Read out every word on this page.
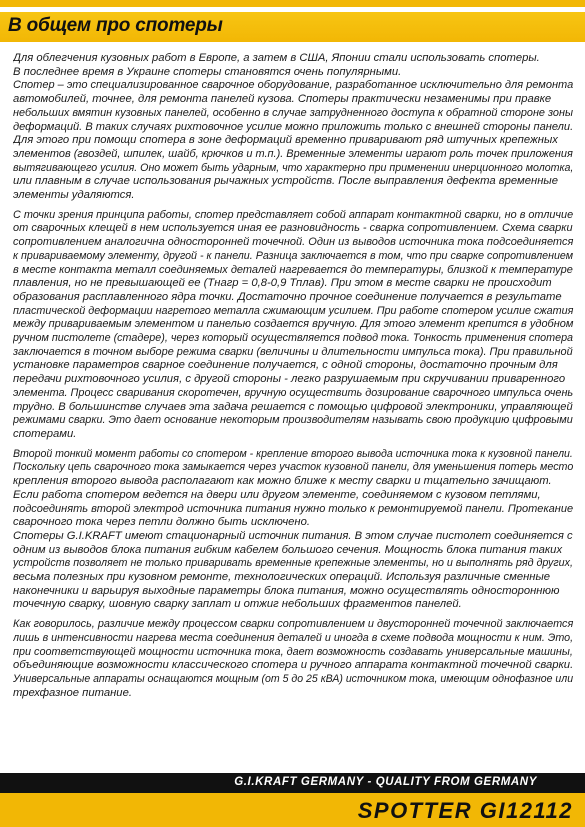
В общем про спотеры
Для облегчения кузовных работ в Европе, а затем в США, Японии стали использовать спотеры.
В последнее время в Украине спотеры становятся очень популярными.
Спотер – это специализированное сварочное оборудование, разработанное исключительно для ремонта
автомобилей, точнее, для ремонта панелей кузова. Спотеры практически незаменимы при правке
небольших вмятин кузовных панелей, особенно в случае затрудненного доступа к обратной стороне зоны
деформаций. В таких случаях рихтовочное усилие можно приложить только с внешней стороны панели.
Для этого при помощи спотера в зоне деформаций временно приваривают ряд штучных крепежных
элементов (гвоздей, шпилек, шайб, крючков и т.п.). Временные элементы играют роль точек приложения
вытягивающего усилия. Оно может быть ударным, что характерно при применении инерционного молотка,
или плавным в случае использования рычажных устройств. После выправления дефекта временные
элементы удаляются.
С точки зрения принципа работы, спотер представляет собой аппарат контактной сварки, но в отличие
от сварочных клещей в нем используется иная ее разновидность - сварка сопротивлением. Схема сварки
сопротивлением аналогична односторонней точечной. Один из выводов источника тока подсоединяется
к привариваемому элементу, другой - к панели. Разница заключается в том, что при сварке сопротивлением
в месте контакта металл соединяемых деталей нагревается до температуры, близкой к температуре
плавления, но не превышающей ее (Тнагр = 0,8-0,9 Тплав). При этом в месте сварки не происходит
образования расплавленного ядра точки. Достаточно прочное соединение получается в результате
пластической деформации нагретого металла сжимающим усилием. При работе спотером усилие сжатия
между привариваемым элементом и панелью создается вручную. Для этого элемент крепится в удобном
ручном пистолете (стадере), через который осуществляется подвод тока. Тонкость применения спотера
заключается в точном выборе режима сварки (величины и длительности импульса тока). При правильной
установке параметров сварное соединение получается, с одной стороны, достаточно прочным для
передачи рихтовочного усилия, с другой стороны - легко разрушаемым при скручивании приваренного
элемента. Процесс сваривания скоротечен, вручную осуществить дозирование сварочного импульса очень
трудно. В большинстве случаев эта задача решается с помощью цифровой электроники, управляющей
режимами сварки. Это дает основание некоторым производителям называть свою продукцию цифровыми
спотерами.
Второй тонкий момент работы со спотером - крепление второго вывода источника тока к кузовной панели.
Поскольку цепь сварочного тока замыкается через участок кузовной панели, для уменьшения потерь место
крепления второго вывода располагают как можно ближе к месту сварки и тщательно зачищают.
Если работа спотером ведется на двери или другом элементе, соединяемом с кузовом петлями,
подсоединять второй электрод источника питания нужно только к ремонтируемой панели. Протекание
сварочного тока через петли должно быть исключено.
Спотеры G.I.KRAFT имеют стационарный источник питания. В этом случае пистолет соединяется с
одним из выводов блока питания гибким кабелем большого сечения. Мощность блока питания таких
устройств позволяет не только приваривать временные крепежные элементы, но и выполнять ряд других,
весьма полезных при кузовном ремонте, технологических операций. Используя различные сменные
наконечники и варьируя выходные параметры блока питания, можно осуществлять одностороннюю
точечную сварку, шовную сварку заплат и отжиг небольших фрагментов панелей.
Как говорилось, различие между процессом сварки сопротивлением и двусторонней точечной заключается
лишь в интенсивности нагрева места соединения деталей и иногда в схеме подвода мощности к ним. Это,
при соответствующей мощности источника тока, дает возможность создавать универсальные машины,
объединяющие возможности классического спотера и ручного аппарата контактной точечной сварки.
Универсальные аппараты оснащаются мощным (от 5 до 25 кВА) источником тока, имеющим однофазное или
трехфазное питание.
G.I.KRAFT GERMANY - QUALITY FROM GERMANY
SPOTTER GI12112
